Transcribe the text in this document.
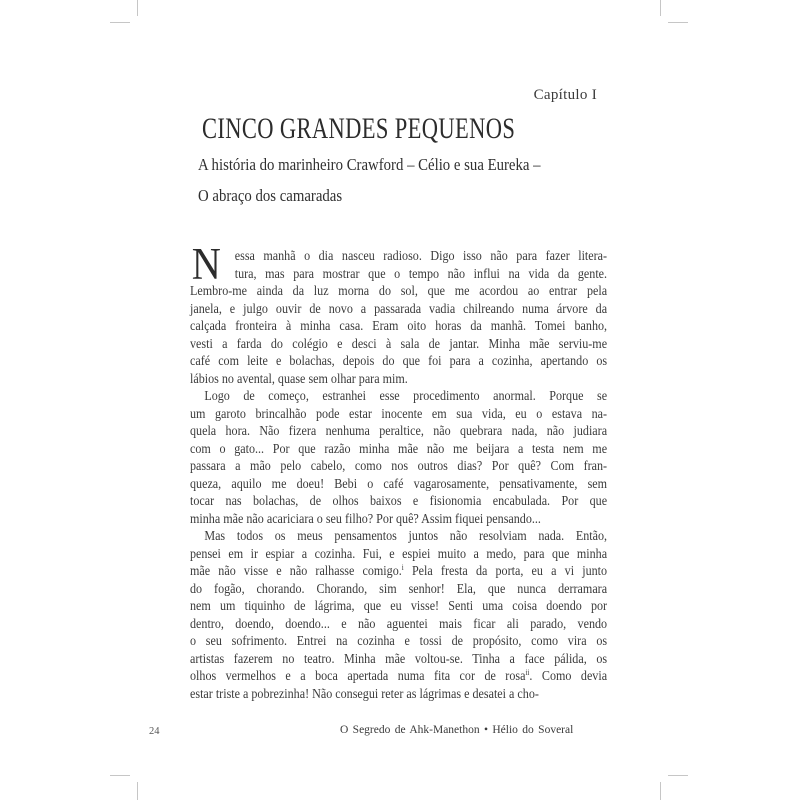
Capítulo I
CINCO GRANDES PEQUENOS
A história do marinheiro Crawford – Célio e sua Eureka –
O abraço dos camaradas
N	essa manhã o dia nasceu radioso. Digo isso não para fazer litera-
tura, mas para mostrar que o tempo não influi na vida da gente.
Lembro-me ainda da luz morna do sol, que me acordou ao entrar pela
janela, e julgo ouvir de novo a passarada vadia chilreando numa árvore da
calçada fronteira à minha casa. Eram oito horas da manhã. Tomei banho,
vesti a farda do colégio e desci à sala de jantar. Minha mãe serviu-me
café com leite e bolachas, depois do que foi para a cozinha, apertando os
lábios no avental, quase sem olhar para mim.
Logo de começo, estranhei esse procedimento anormal. Porque se
um garoto brincalhão pode estar inocente em sua vida, eu o estava na-
quela hora. Não fizera nenhuma peraltice, não quebrara nada, não judiara
com o gato... Por que razão minha mãe não me beijara a testa nem me
passara a mão pelo cabelo, como nos outros dias? Por quê? Com fran-
queza, aquilo me doeu! Bebi o café vagarosamente, pensativamente, sem
tocar nas bolachas, de olhos baixos e fisionomia encabulada. Por que
minha mãe não acariciara o seu filho? Por quê? Assim fiquei pensando...
Mas todos os meus pensamentos juntos não resolviam nada. Então,
pensei em ir espiar a cozinha. Fui, e espiei muito a medo, para que minha
mãe não visse e não ralhasse comigo.$^i$ Pela fresta da porta, eu a vi junto
do fogão, chorando. Chorando, sim senhor! Ela, que nunca derramara
nem um tiquinho de lágrima, que eu visse! Senti uma coisa doendo por
dentro, doendo, doendo... e não aguentei mais ficar ali parado, vendo
o seu sofrimento. Entrei na cozinha e tossi de propósito, como vira os
artistas fazerem no teatro. Minha mãe voltou-se. Tinha a face pálida, os
olhos vermelhos e a boca apertada numa fita cor de rosa$^{ii}$. Como devia
estar triste a pobrezinha! Não consegui reter as lágrimas e desatei a cho-
24	O Segredo de Ahk-Manethon • Hélio do Soveral
